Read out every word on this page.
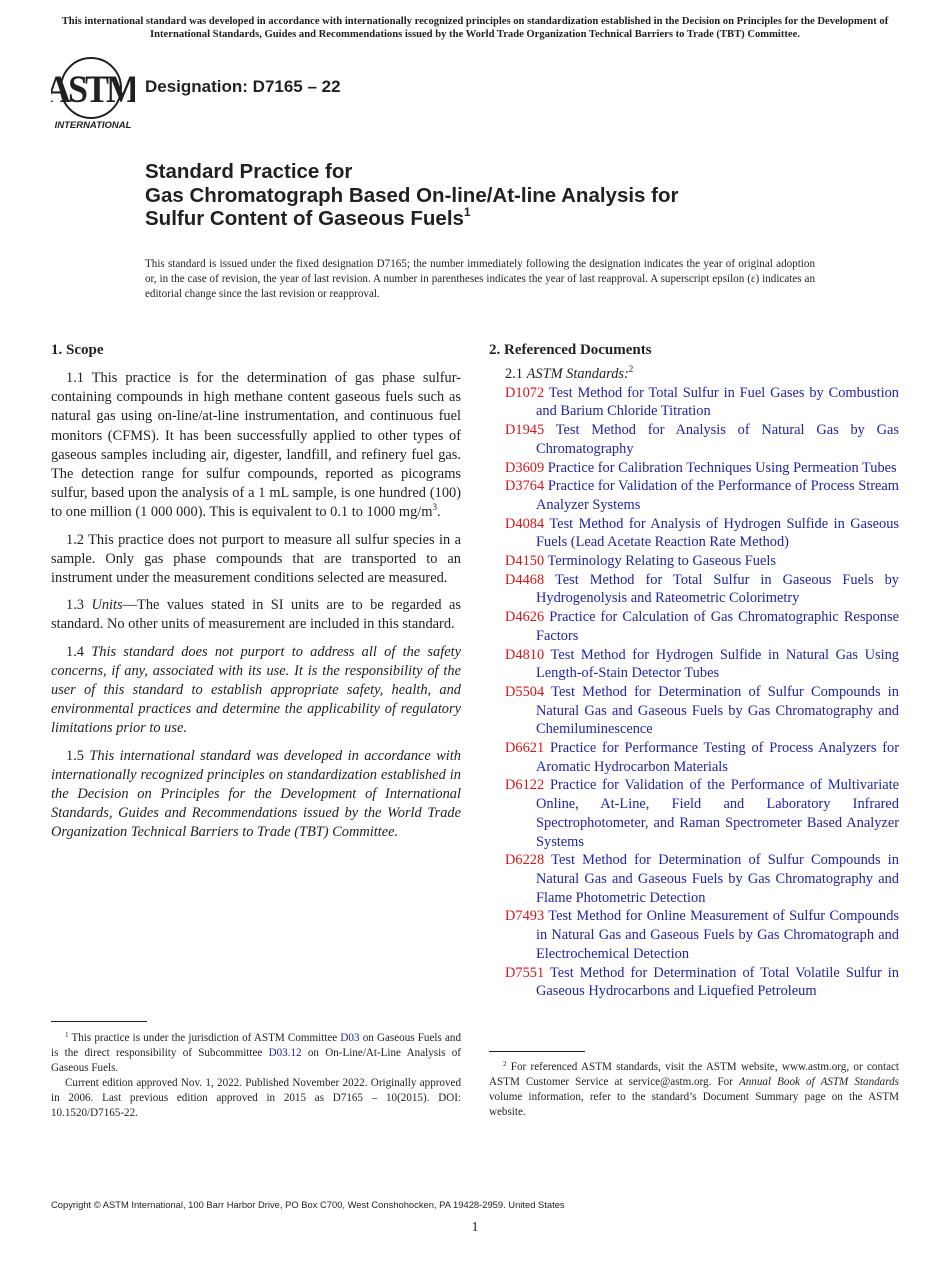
This international standard was developed in accordance with internationally recognized principles on standardization established in the Decision on Principles for the Development of International Standards, Guides and Recommendations issued by the World Trade Organization Technical Barriers to Trade (TBT) Committee.
ASTM
INTERNATIONAL
Designation: D7165 – 22
Standard Practice for
Gas Chromatograph Based On-line/At-line Analysis for
Sulfur Content of Gaseous Fuels$^1$
This standard is issued under the fixed designation D7165; the number immediately following the designation indicates the year of original adoption or, in the case of revision, the year of last revision. A number in parentheses indicates the year of last reapproval. A superscript epsilon (ε) indicates an editorial change since the last revision or reapproval.
1. Scope

1.1 This practice is for the determination of gas phase sulfur-containing compounds in high methane content gaseous fuels such as natural gas using on-line/at-line instrumentation, and continuous fuel monitors (CFMS). It has been successfully applied to other types of gaseous samples including air, digester, landfill, and refinery fuel gas. The detection range for sulfur compounds, reported as picograms sulfur, based upon the analysis of a 1 mL sample, is one hundred (100) to one million (1 000 000). This is equivalent to 0.1 to 1000 $mg/m^3$.

1.2 This practice does not purport to measure all sulfur species in a sample. Only gas phase compounds that are transported to an instrument under the measurement conditions selected are measured.

1.3 Units—The values stated in SI units are to be regarded as standard. No other units of measurement are included in this standard.

1.4 This standard does not purport to address all of the safety concerns, if any, associated with its use. It is the responsibility of the user of this standard to establish appropriate safety, health, and environmental practices and determine the applicability of regulatory limitations prior to use.

1.5 This international standard was developed in accordance with internationally recognized principles on standardization established in the Decision on Principles for the Development of International Standards, Guides and Recommendations issued by the World Trade Organization Technical Barriers to Trade (TBT) Committee.

2. Referenced Documents
2.1 ASTM Standards:$^2$
D1072 Test Method for Total Sulfur in Fuel Gases by Combustion and Barium Chloride Titration
D1945 Test Method for Analysis of Natural Gas by Gas Chromatography
D3609 Practice for Calibration Techniques Using Permeation Tubes
D3764 Practice for Validation of the Performance of Process Stream Analyzer Systems
D4084 Test Method for Analysis of Hydrogen Sulfide in Gaseous Fuels (Lead Acetate Reaction Rate Method)
D4150 Terminology Relating to Gaseous Fuels
D4468 Test Method for Total Sulfur in Gaseous Fuels by Hydrogenolysis and Rateometric Colorimetry
D4626 Practice for Calculation of Gas Chromatographic Response Factors
D4810 Test Method for Hydrogen Sulfide in Natural Gas Using Length-of-Stain Detector Tubes
D5504 Test Method for Determination of Sulfur Compounds in Natural Gas and Gaseous Fuels by Gas Chromatography and Chemiluminescence
D6621 Practice for Performance Testing of Process Analyzers for Aromatic Hydrocarbon Materials
D6122 Practice for Validation of the Performance of Multivariate Online, At-Line, Field and Laboratory Infrared Spectrophotometer, and Raman Spectrometer Based Analyzer Systems
D6228 Test Method for Determination of Sulfur Compounds in Natural Gas and Gaseous Fuels by Gas Chromatography and Flame Photometric Detection
D7493 Test Method for Online Measurement of Sulfur Compounds in Natural Gas and Gaseous Fuels by Gas Chromatograph and Electrochemical Detection
D7551 Test Method for Determination of Total Volatile Sulfur in Gaseous Hydrocarbons and Liquefied Petroleum

$^1$ This practice is under the jurisdiction of ASTM Committee D03 on Gaseous Fuels and is the direct responsibility of Subcommittee D03.12 on On-Line/At-Line Analysis of Gaseous Fuels.

Current edition approved Nov. 1, 2022. Published November 2022. Originally approved in 2006. Last previous edition approved in 2015 as D7165 – 10(2015). DOI: 10.1520/D7165-22.

$^2$ For referenced ASTM standards, visit the ASTM website, www.astm.org, or contact ASTM Customer Service at service@astm.org. For Annual Book of ASTM Standards volume information, refer to the standard’s Document Summary page on the ASTM website.

Copyright © ASTM International, 100 Barr Harbor Drive, PO Box C700, West Conshohocken, PA 19428-2959. United States
1
